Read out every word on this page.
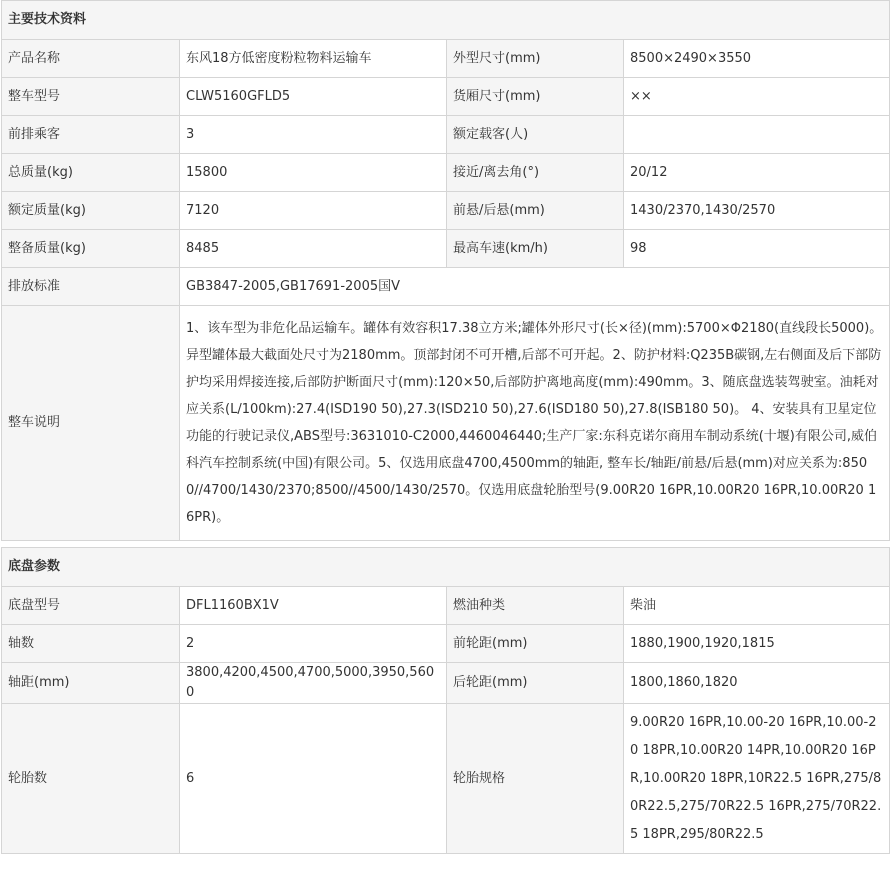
主要技术资料			
产品名称	东风18方低密度粉粒物料运输车	外型尺寸(mm)	8500×2490×3550
整车型号	CLW5160GFLD5	货厢尺寸(mm)	××
前排乘客	3	额定载客(人)	
总质量(kg)	15800	接近/离去角(°)	20/12
额定质量(kg)	7120	前悬/后悬(mm)	1430/2370,1430/2570
整备质量(kg)	8485	最高车速(km/h)	98
排放标准	GB3847-2005,GB17691-2005国V		
整车说明	1、该车型为非危化品运输车。罐体有效容积17.38立方米;罐体外形尺寸(长×径)(mm):5700×Φ2180(直线段长5000)。异型罐体最大截面处尺寸为2180mm。顶部封闭不可开槽,后部不可开起。2、防护材料:Q235B碳钢,左右侧面及后下部防护均采用焊接连接,后部防护断面尺寸(mm):120×50,后部防护离地高度(mm):490mm。3、随底盘选装驾驶室。油耗对应关系(L/100km):27.4(ISD190 50),27.3(ISD210 50),27.6(ISD180 50),27.8(ISB180 50)。 4、安装具有卫星定位功能的行驶记录仪,ABS型号:3631010-C2000,4460046440;生产厂家:东科克诺尔商用车制动系统(十堰)有限公司,威伯科汽车控制系统(中国)有限公司。5、仅选用底盘4700,4500mm的轴距, 整车长/轴距/前悬/后悬(mm)对应关系为:8500//4700/1430/2370;8500//4500/1430/2570。仅选用底盘轮胎型号(9.00R20 16PR,10.00R20 16PR,10.00R20 16PR)。		
底盘参数			
底盘型号	DFL1160BX1V	燃油种类	柴油
轴数	2	前轮距(mm)	1880,1900,1920,1815
轴距(mm)	3800,4200,4500,4700,5000,3950,5600	后轮距(mm)	1800,1860,1820
轮胎数	6	轮胎规格	9.00R20 16PR,10.00-20 16PR,10.00-20 18PR,10.00R20 14PR,10.00R20 16PR,10.00R20 18PR,10R22.5 16PR,275/80R22.5,275/70R22.5 16PR,275/70R22.5 18PR,295/80R22.5
